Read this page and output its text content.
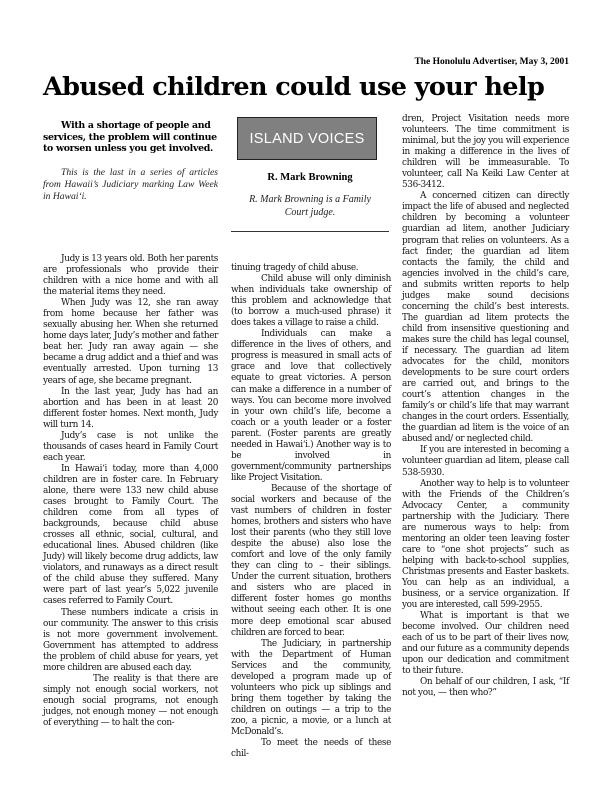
The Honolulu Advertiser, May 3, 2001
Abused children could use your help
With a shortage of people and services, the problem will continue to worsen unless you get involved.
This is the last in a series of articles from Hawaii’s Judiciary marking Law Week in Hawai‘i.
ISLAND VOICES
R. Mark Browning
R. Mark Browning is a Family Court judge.

Judy is 13 years old. Both her parents are professionals who provide their children with a nice home and with all the material items they need.

When Judy was 12, she ran away from home because her father was sexually abusing her. When she returned home days later, Judy’s mother and father beat her. Judy ran away again — she became a drug addict and a thief and was eventually arrested. Upon turning 13 years of age, she became pregnant.

In the last year, Judy has had an abortion and has been in at least 20 different foster homes. Next month, Judy will turn 14.

Judy’s case is not unlike the thousands of cases heard in Family Court each year.

In Hawai‘i today, more than 4,000 children are in foster care. In February alone, there were 133 new child abuse cases brought to Family Court. The children come from all types of backgrounds, because child abuse crosses all ethnic, social, cultural, and educational lines. Abused children (like Judy) will likely become drug addicts, law violators, and runaways as a direct result of the child abuse they suffered. Many were part of last year’s 5,022 juvenile cases referred to Family Court.

These numbers indicate a crisis in our community. The answer to this crisis is not more government involvement. Government has attempted to address the problem of child abuse for years, yet more children are abused each day.

The reality is that there are simply not enough social workers, not enough social programs, not enough judges, not enough money — not enough of everything — to halt the con-

tinuing tragedy of child abuse.

Child abuse will only diminish when individuals take ownership of this problem and acknowledge that (to borrow a much-used phrase) it does takes a village to raise a child.

Individuals can make a difference in the lives of others, and progress is measured in small acts of grace and love that collectively equate to great victories. A person can make a difference in a number of ways. You can become more involved in your own child’s life, become a coach or a youth leader or a foster parent. (Foster parents are greatly needed in Hawai‘i.) Another way is to be involved in government/community partnerships like Project Visitation.

Because of the shortage of social workers and because of the vast numbers of children in foster homes, brothers and sisters who have lost their parents (who they still love despite the abuse) also lose the comfort and love of the only family they can cling to – their siblings. Under the current situation, brothers and sisters who are placed in different foster homes go months without seeing each other. It is one more deep emotional scar abused children are forced to bear.

The Judiciary, in partnership with the Department of Human Services and the community, developed a program made up of volunteers who pick up siblings and bring them together by taking the children on outings — a trip to the zoo, a picnic, a movie, or a lunch at McDonald’s.

To meet the needs of these chil-

dren, Project Visitation needs more volunteers. The time commitment is minimal, but the joy you will experience in making a difference in the lives of children will be immeasurable. To volunteer, call Na Keiki Law Center at 536-3412.

A concerned citizen can directly impact the life of abused and neglected children by becoming a volunteer guardian ad litem, another Judiciary program that relies on volunteers. As a fact finder, the guardian ad litem contacts the family, the child and agencies involved in the child’s care, and submits written reports to help judges make sound decisions concerning the child’s best interests. The guardian ad litem protects the child from insensitive questioning and makes sure the child has legal counsel, if necessary. The guardian ad litem advocates for the child, monitors developments to be sure court orders are carried out, and brings to the court’s attention changes in the family’s or child’s life that may warrant changes in the court orders. Essentially, the guardian ad litem is the voice of an abused and/ or neglected child.

If you are interested in becoming a volunteer guardian ad litem, please call 538-5930.

Another way to help is to volunteer with the Friends of the Children’s Advocacy Center, a community partnership with the Judiciary. There are numerous ways to help: from mentoring an older teen leaving foster care to “one shot projects” such as helping with back-to-school supplies, Christmas presents and Easter baskets. You can help as an individual, a business, or a service organization. If you are interested, call 599-2955.

What is important is that we become involved. Our children need each of us to be part of their lives now, and our future as a community depends upon our dedication and commitment to their future.

On behalf of our children, I ask, “If not you, — then who?”
